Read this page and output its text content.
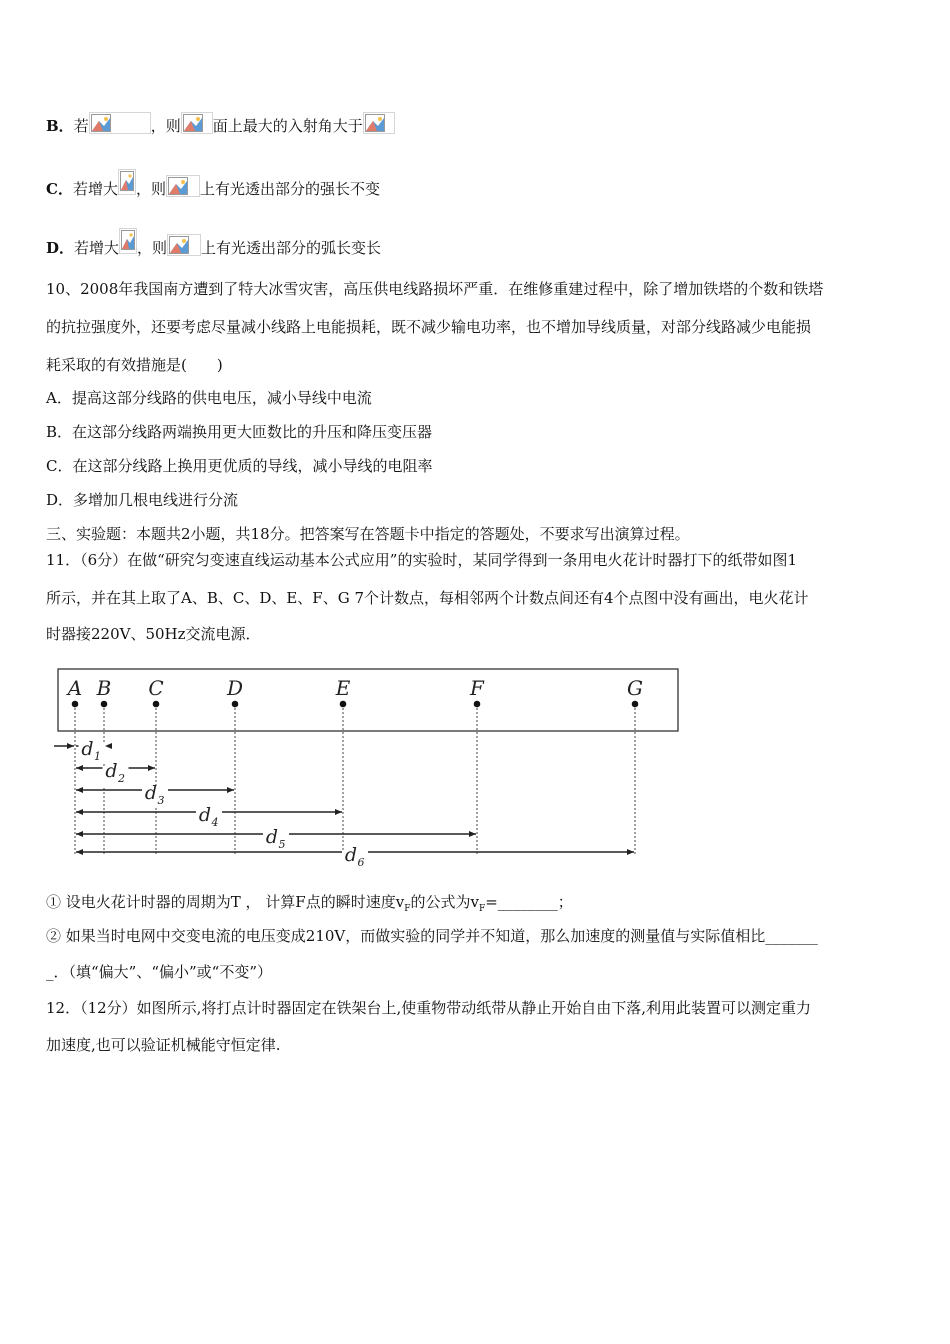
B．若	，则 面上最大的入射角大于
C．若增大 ，则 上有光透出部分的强长不变
D．若增大 ，则 上有光透出部分的弧长变长
10、2008年我国南方遭到了特大冰雪灾害，高压供电线路损坏严重．在维修重建过程中，除了增加铁塔的个数和铁塔
的抗拉强度外，还要考虑尽量减小线路上电能损耗，既不减少输电功率，也不增加导线质量，对部分线路减少电能损
耗采取的有效措施是(　　)
A．提高这部分线路的供电电压，减小导线中电流
B．在这部分线路两端换用更大匝数比的升压和降压变压器
C．在这部分线路上换用更优质的导线，减小导线的电阻率
D．多增加几根电线进行分流
三、实验题：本题共2小题，共18分。把答案写在答题卡中指定的答题处，不要求写出演算过程。
11．（6分）在做“研究匀变速直线运动基本公式应用”的实验时，某同学得到一条用电火花计时器打下的纸带如图1
所示，并在其上取了A、B、C、D、E、F、G 7个计数点，每相邻两个计数点间还有4个点图中没有画出，电火花计
时器接220V、50Hz交流电源．
A B C	D	E	F	G
d 1
d 2
d 3
d 4
d 5	d 6
① 设电火花计时器的周期为T ， 计算F点的瞬时速度$v_F$的公式为$v_F=\_\_\_\_\_\_\_\_$；
② 如果当时电网中交变电流的电压变成210V，而做实验的同学并不知道，那么加速度的测量值与实际值相比_______
_．（填“偏大”、“偏小”或“不变”）
12．（12分）如图所示,将打点计时器固定在铁架台上,使重物带动纸带从静止开始自由下落,利用此装置可以测定重力
加速度,也可以验证机械能守恒定律.
